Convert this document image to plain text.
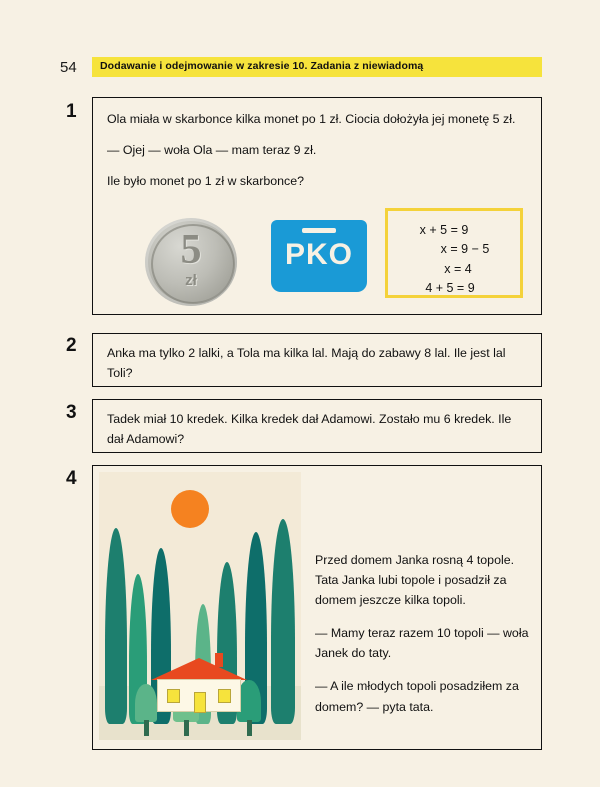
54 Dodawanie i odejmowanie w zakresie 10. Zadania z niewiadomą
1 Ola miała w skarbonce kilka monet po 1 zł. Ciocia dołożyła jej monetę 5 zł.

— Ojej — woła Ola — mam teraz 9 zł.

Ile było monet po 1 zł w skarbonce?

5
zł
PKO
x + 5 = 9
x = 9 − 5
x = 4
4 + 5 = 9
2 Anka ma tylko 2 lalki, a Tola ma kilka lal. Mają do zabawy 8 lal. Ile jest lal Toli?
3 Tadek miał 10 kredek. Kilka kredek dał Adamowi. Zostało mu 6 kredek. Ile dał Adamowi?
4

Przed domem Janka rosną 4 topole. Tata Janka lubi topole i posadził za domem jeszcze kilka topoli.

— Mamy teraz razem 10 topoli — woła Janek do taty.

— A ile młodych topoli posadziłem za domem? — pyta tata.
